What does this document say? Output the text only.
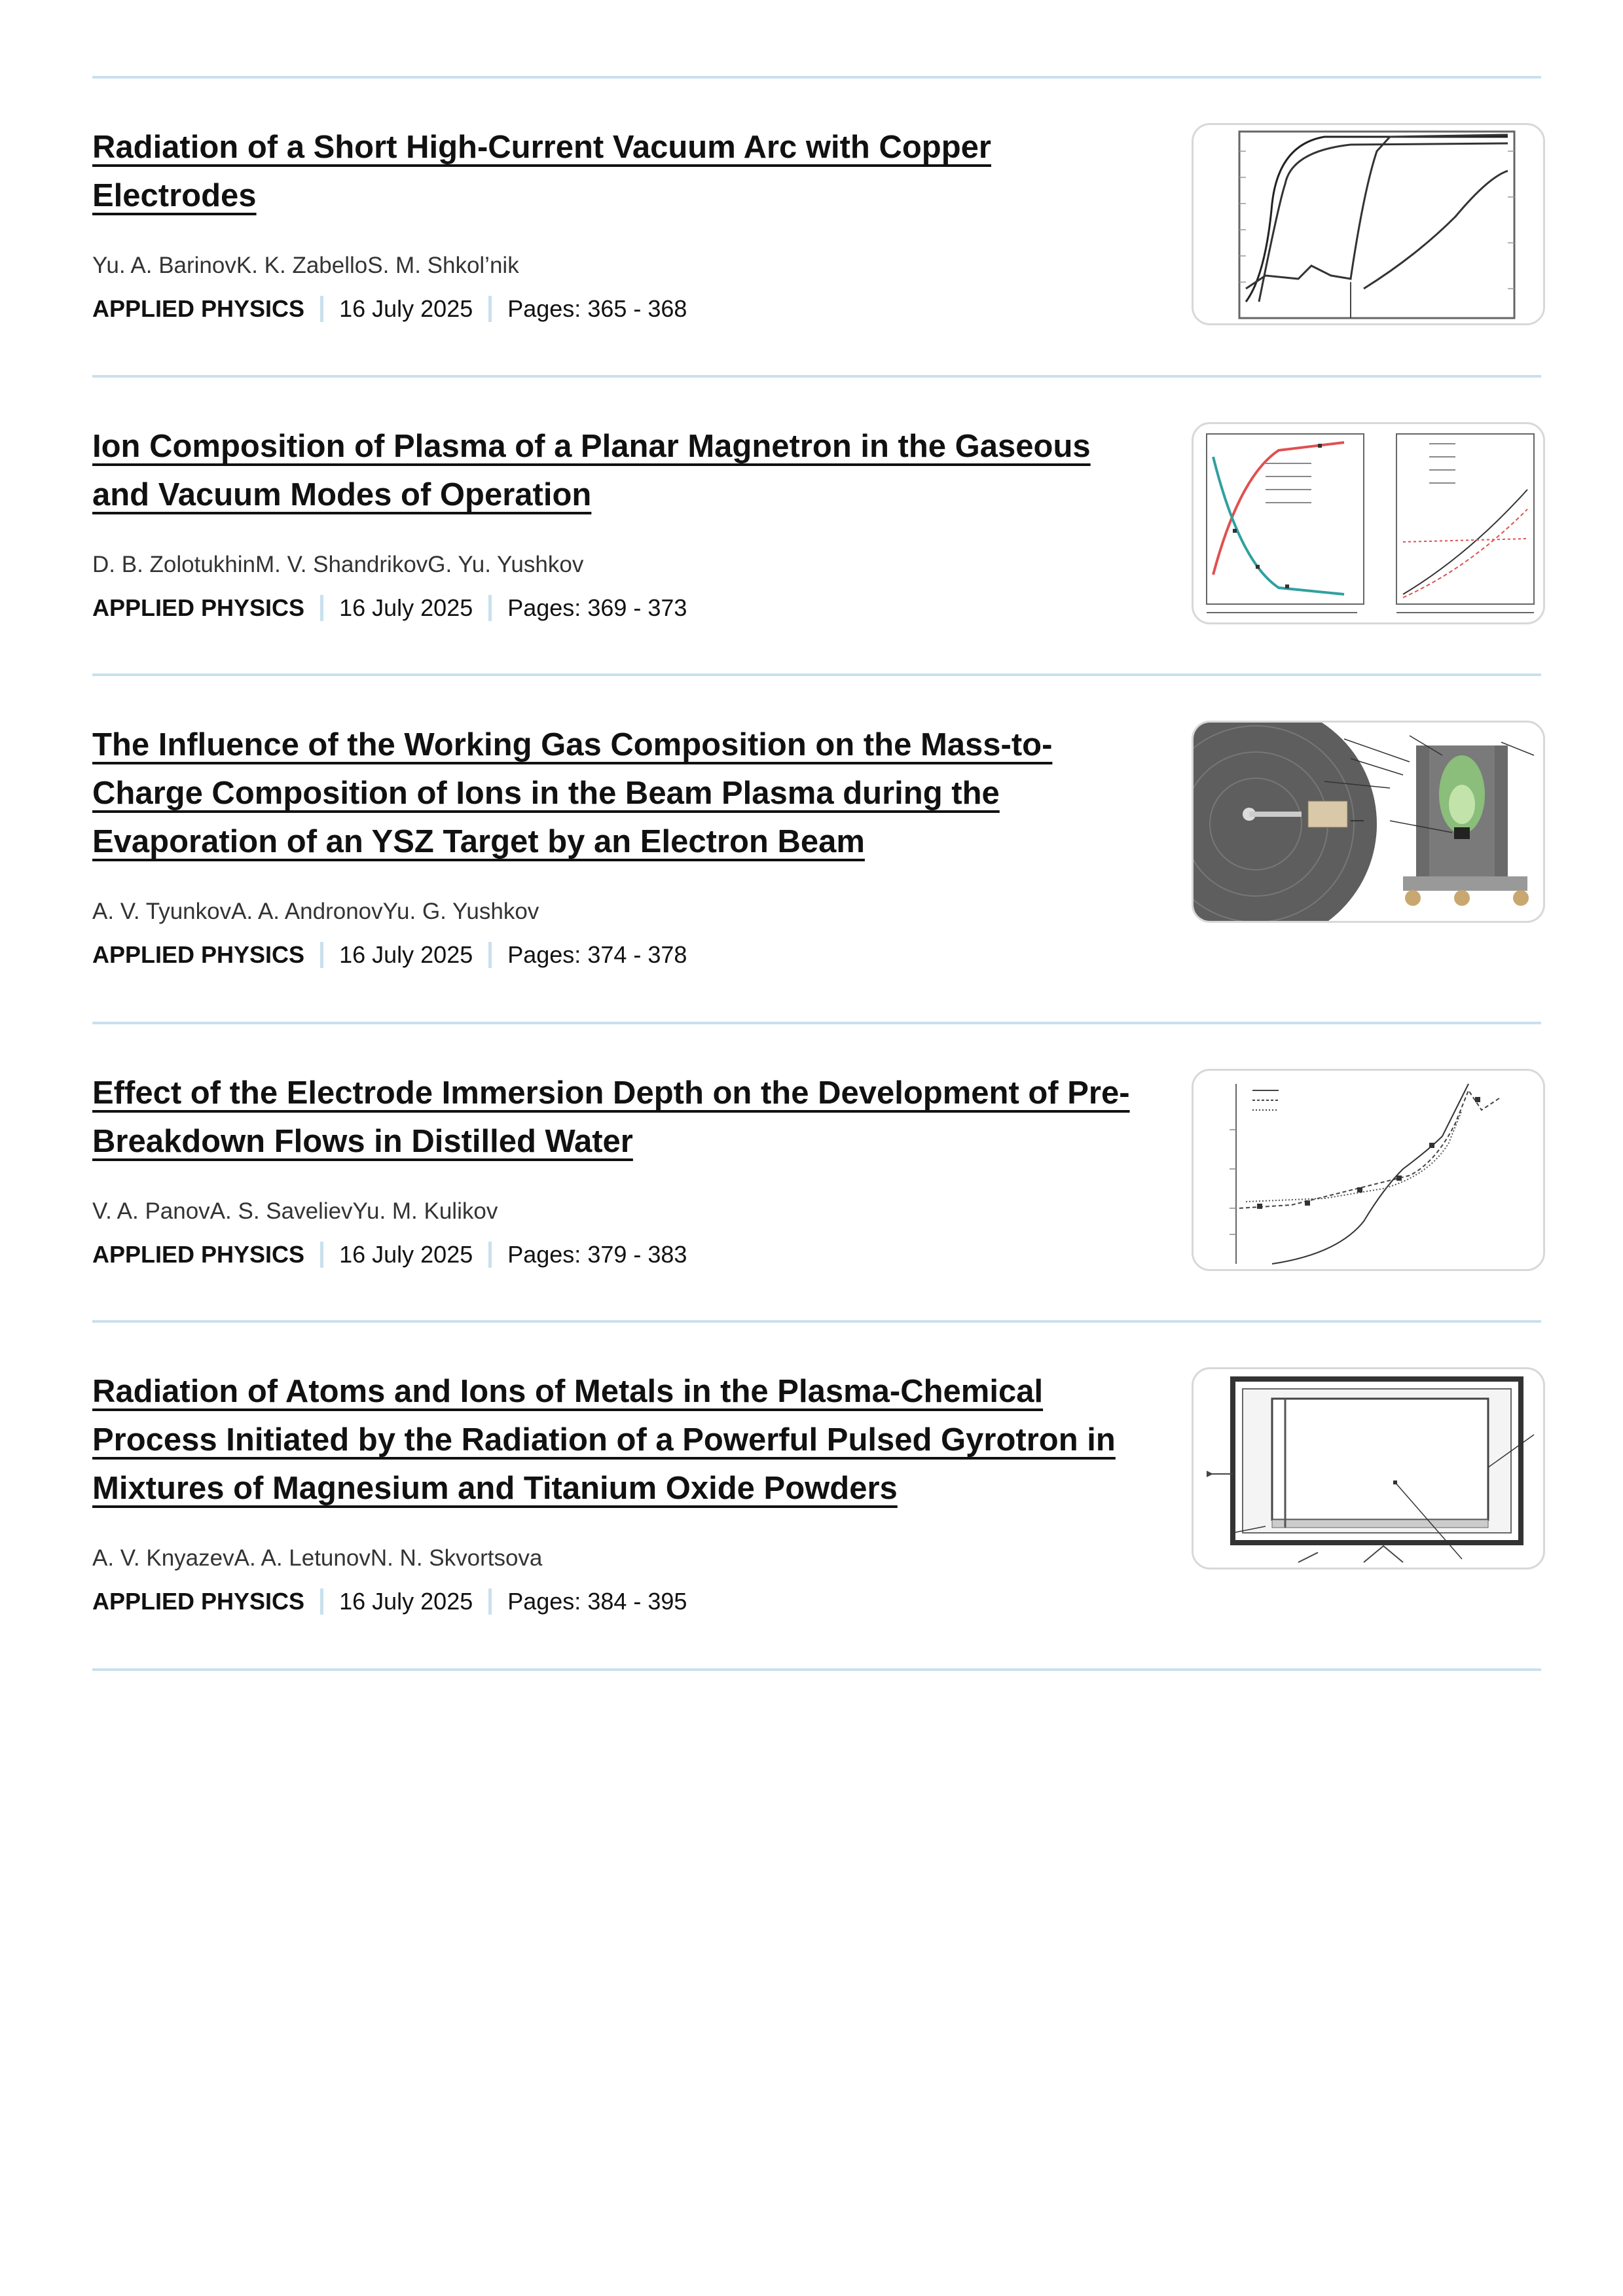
Radiation of a Short High-Current Vacuum Arc with Copper Electrodes
Yu. A. BarinovK. K. ZabelloS. M. Shkol’nik
APPLIED PHYSICS 16 July 2025 Pages: 365 - 368
Ion Composition of Plasma of a Planar Magnetron in the Gaseous and Vacuum Modes of Operation
D. B. ZolotukhinM. V. ShandrikovG. Yu. Yushkov
APPLIED PHYSICS 16 July 2025 Pages: 369 - 373
The Influence of the Working Gas Composition on the Mass-to-Charge Composition of Ions in the Beam Plasma during the Evaporation of an YSZ Target by an Electron Beam
A. V. TyunkovA. A. AndronovYu. G. Yushkov
APPLIED PHYSICS 16 July 2025 Pages: 374 - 378
Effect of the Electrode Immersion Depth on the Development of Pre-Breakdown Flows in Distilled Water
V. A. PanovA. S. SavelievYu. M. Kulikov
APPLIED PHYSICS 16 July 2025 Pages: 379 - 383
Radiation of Atoms and Ions of Metals in the Plasma-Chemical Process Initiated by the Radiation of a Powerful Pulsed Gyrotron in Mixtures of Magnesium and Titanium Oxide Powders
A. V. KnyazevA. A. LetunovN. N. Skvortsova
APPLIED PHYSICS 16 July 2025 Pages: 384 - 395
